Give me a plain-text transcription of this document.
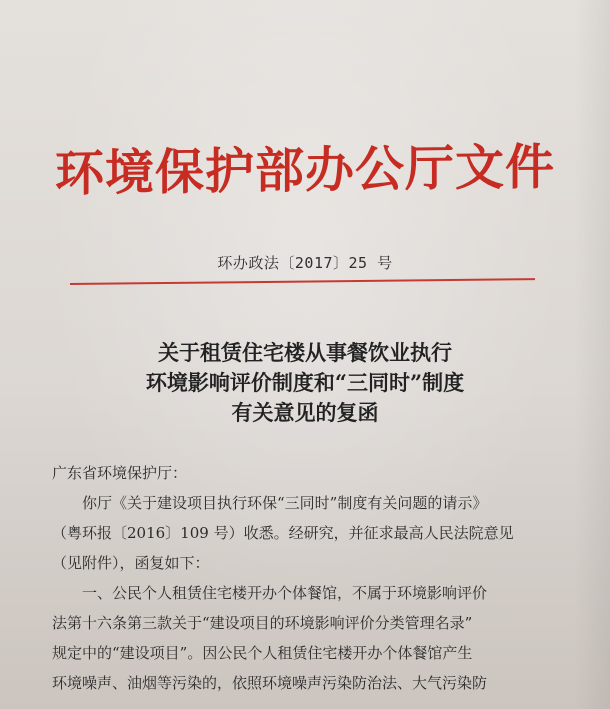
环境保护部办公厅文件
环办政法〔2017〕25 号
关于租赁住宅楼从事餐饮业执行
环境影响评价制度和“三同时”制度
有关意见的复函
广东省环境保护厅：
　　你厅《关于建设项目执行环保“三同时”制度有关问题的请示》
（粤环报〔2016〕109 号）收悉。经研究，并征求最高人民法院意见
（见附件），函复如下：
　　一、公民个人租赁住宅楼开办个体餐馆，不属于环境影响评价
法第十六条第三款关于“建设项目的环境影响评价分类管理名录”
规定中的“建设项目”。因公民个人租赁住宅楼开办个体餐馆产生
环境噪声、油烟等污染的，依照环境噪声污染防治法、大气污染防
